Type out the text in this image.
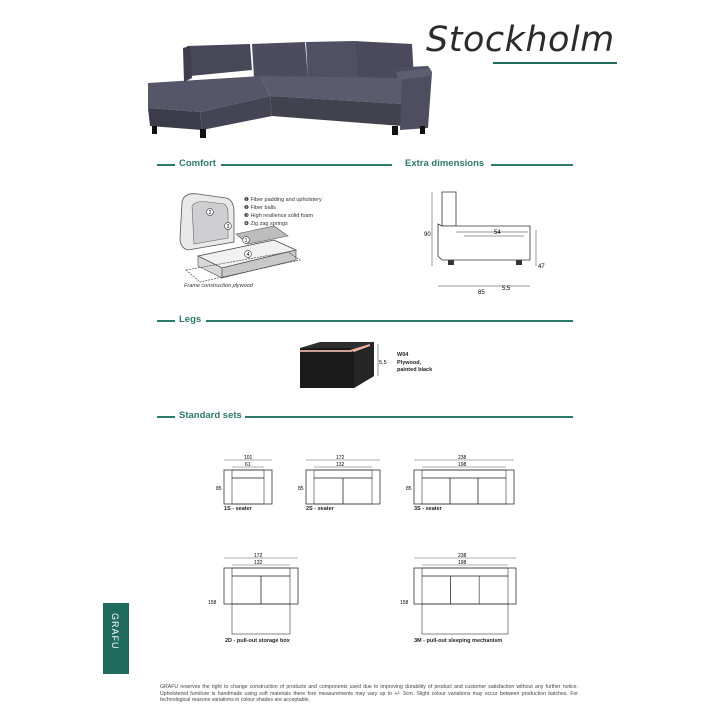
Stockholm
Comfort	Extra dimensions
2
3
1
4
❶ Fiber padding and upholstery
❷ Fiber balls
❸ High resilience solid foam
❹ Zig zag springs
Frame construction plywood
90	54
47
85
5,5
Legs
5,5
W04
Plywood,
painted black
Standard sets
101
61
85
1S - seater
172
132
85
2S - seater
238
198
85
3S - seater
172
132
158
2D - pull-out storage box
238
198
158
3M - pull-out sleeping mechanism
GRAFU
GRAFU reserves the right to change construction of products and components used due to improving durability of product and customer satisfaction without any further notice. Upholstered furniture is handmade using soft materials there fore measurements may vary up to +/- 3cm. Slight colour variations may occur between production batches. For technological reasons variations in colour shades are acceptable.
